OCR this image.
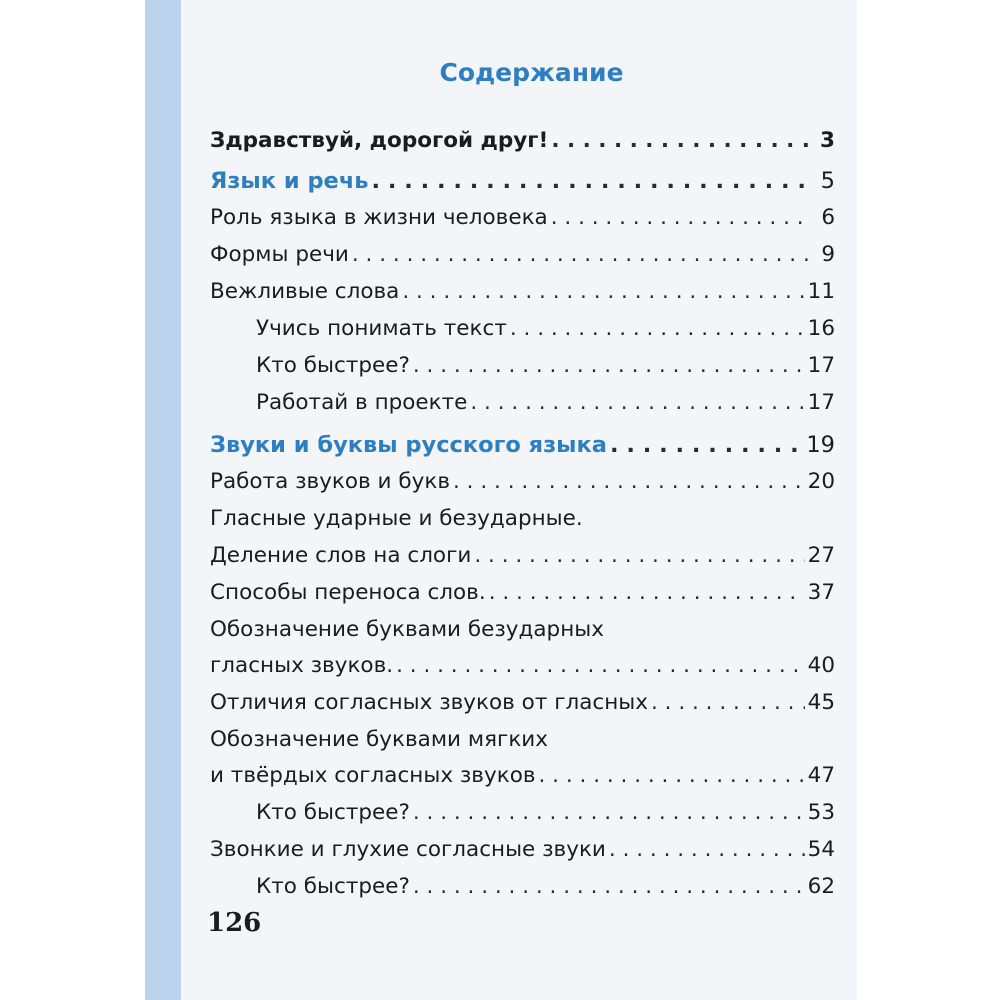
Содержание
Здравствуй, дорогой друг! . . .	3
Язык и речь . . .	5
Роль языка в жизни человека . . .	6
Формы речи . . .	9
Вежливые слова . . .	11
Учись понимать текст . . .	16
Кто быстрее? . . .	17
Работай в проекте . . .	17
Звуки и буквы русского языка . . .	19
Работа звуков и букв . . .	20
Гласные ударные и безударные.
Деление слов на слоги . . .	27
Способы переноса слов. . . .	37
Обозначение буквами безударных
гласных звуков. . . .	40
Отличия согласных звуков от гласных . . .	45
Обозначение буквами мягких
и твёрдых согласных звуков . . .	47
Кто быстрее? . . .	53
Звонкие и глухие согласные звуки . . .	54
Кто быстрее? . . .	62
126
